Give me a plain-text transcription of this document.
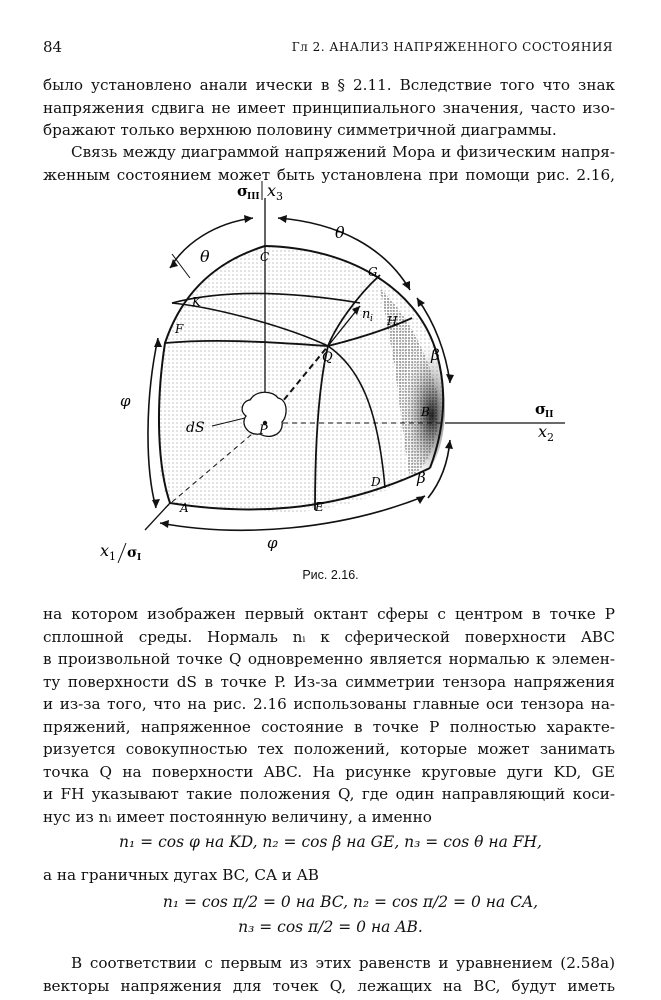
84	Гл 2. АНАЛИЗ НАПРЯЖЕННОГО СОСТОЯНИЯ
было установлено анали ически в § 2.11. Вследствие того что знак
напряжения сдвига не имеет принципиального значения, часто изо-
бражают только верхнюю половину симметричной диаграммы.
Связь между диаграммой напряжений Мора и физическим напря-
женным состоянием может быть установлена при помощи рис. 2.16,
σ
III x 3
σ
II
x 2
x 1 σ I
θ
θ
β
β
φ
φ
A
B
C
D
E
F
G
H
K
Q
P
dS
n i
Рис. 2.16.
на котором изображен первый октант сферы с центром в точке P
сплошной среды. Нормаль nᵢ к сферической поверхности ABC
в произвольной точке Q одновременно является нормалью к элемен-
ту поверхности dS в точке P. Из-за симметрии тензора напряжения
и из-за того, что на рис. 2.16 использованы главные оси тензора на-
пряжений, напряженное состояние в точке P полностью характе-
ризуется совокупностью тех положений, которые может занимать
точка Q на поверхности ABC. На рисунке круговые дуги KD, GE
и FH указывают такие положения Q, где один направляющий коси-
нус из nᵢ имеет постоянную величину, а именно
n₁ = cos φ на KD, n₂ = cos β на GE, n₃ = cos θ на FH,
а на граничных дугах BC, CA и AB
n₁ = cos π/2 = 0 на BC, n₂ = cos π/2 = 0 на CA,
n₃ = cos π/2 = 0 на AB.
В соответствии с первым из этих равенств и уравнением (2.58а)
векторы напряжения для точек Q, лежащих на BC, будут иметь
